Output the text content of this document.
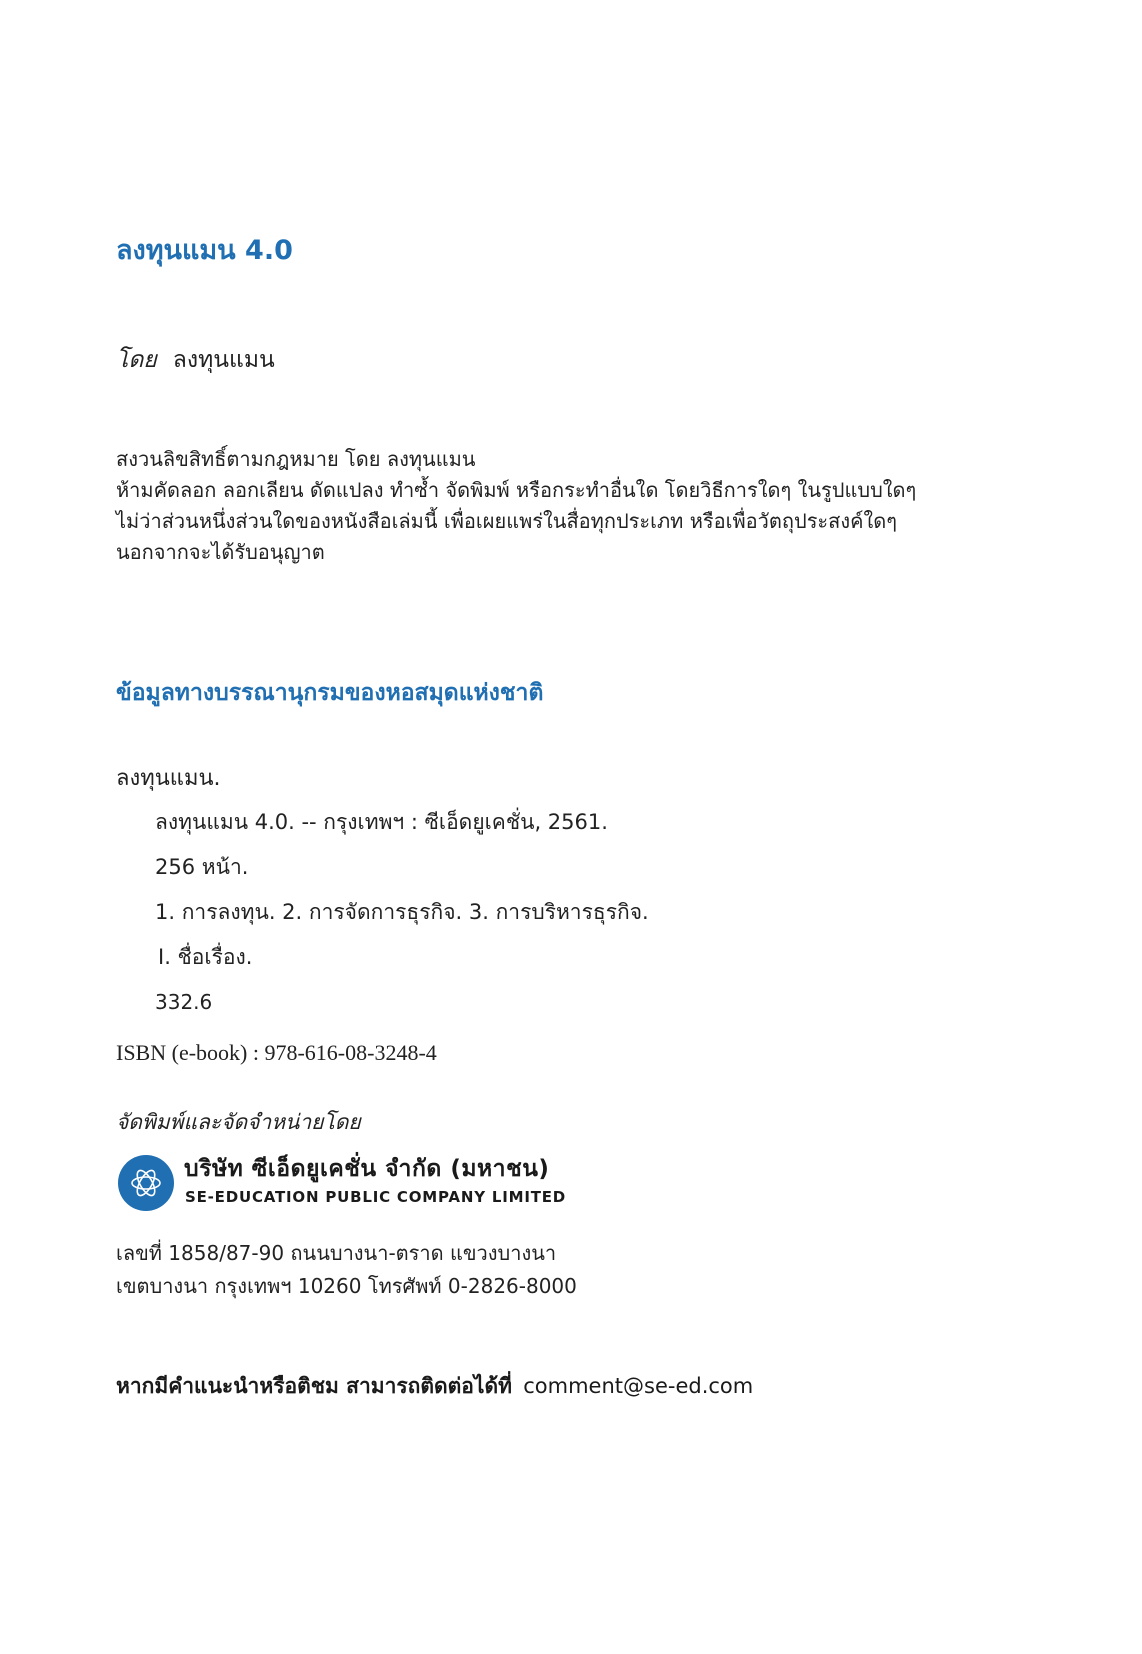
ลงทุนแมน 4.0
โดย ลงทุนแมน
สงวนลิขสิทธิ์ตามกฎหมาย โดย ลงทุนแมน
ห้ามคัดลอก ลอกเลียน ดัดแปลง ทำซ้ำ จัดพิมพ์ หรือกระทำอื่นใด โดยวิธีการใดๆ ในรูปแบบใดๆ
ไม่ว่าส่วนหนึ่งส่วนใดของหนังสือเล่มนี้ เพื่อเผยแพร่ในสื่อทุกประเภท หรือเพื่อวัตถุประสงค์ใดๆ
นอกจากจะได้รับอนุญาต
ข้อมูลทางบรรณานุกรมของหอสมุดแห่งชาติ
ลงทุนแมน.
ลงทุนแมน 4.0. -- กรุงเทพฯ : ซีเอ็ดยูเคชั่น, 2561.
256 หน้า.
1. การลงทุน. 2. การจัดการธุรกิจ. 3. การบริหารธุรกิจ.
I. ชื่อเรื่อง.
332.6
ISBN (e-book) : 978-616-08-3248-4
จัดพิมพ์และจัดจำหน่ายโดย
บริษัท ซีเอ็ดยูเคชั่น จำกัด (มหาชน)
SE-EDUCATION PUBLIC COMPANY LIMITED
เลขที่ 1858/87-90 ถนนบางนา-ตราด แขวงบางนา
เขตบางนา กรุงเทพฯ 10260 โทรศัพท์ 0-2826-8000
หากมีคำแนะนำหรือติชม สามารถติดต่อได้ที่ comment@se-ed.com
